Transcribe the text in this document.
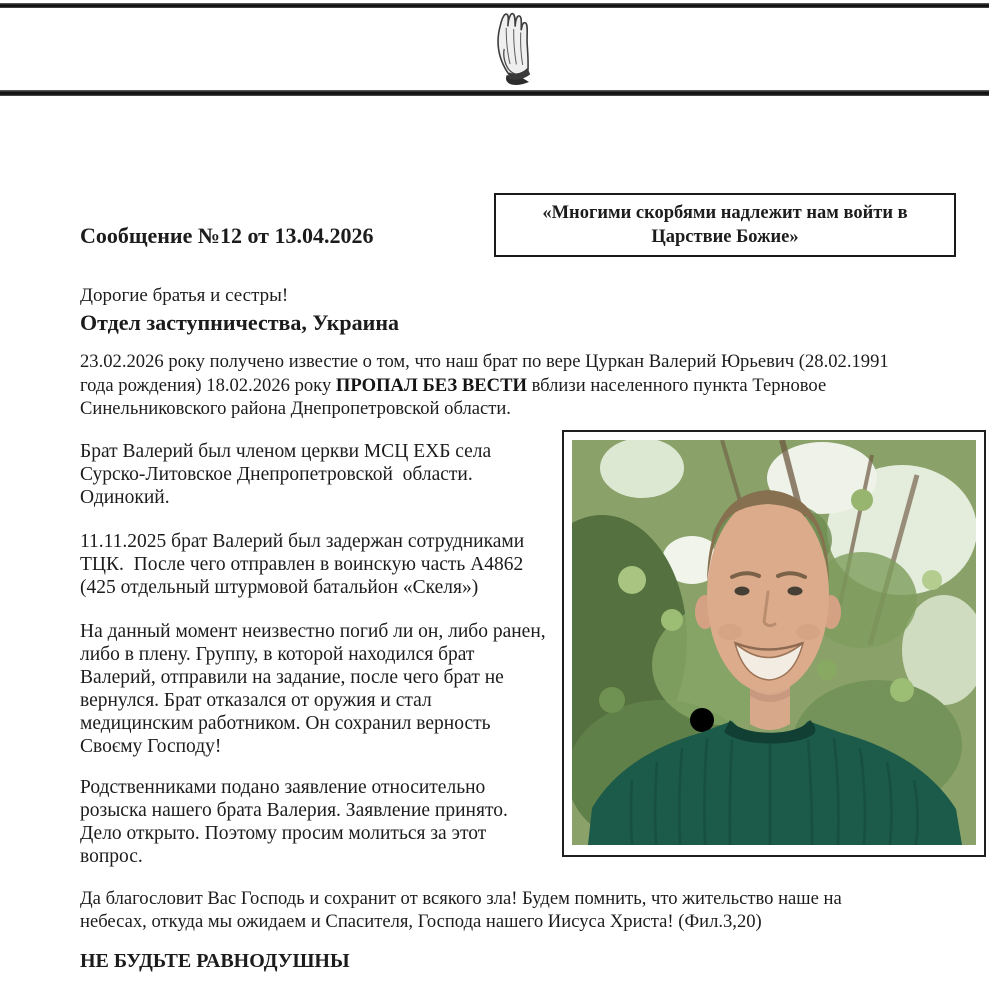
Сообщение №12 от 13.04.2026

Отдел заступничества, Украина

«Многими скорбями надлежит нам войти в
Царствие Божие»
Дорогие братья и сестры!
23.02.2026 року получено известие о том, что наш брат по вере Цуркан Валерий Юрьевич (28.02.1991
года рождения) 18.02.2026 року ПРОПАЛ БЕЗ ВЕСТИ вблизи населенного пункта Терновое
Синельниковского района Днепропетровской области.
Брат Валерий был членом церкви МСЦ ЕХБ села
Сурско-Литовское Днепропетровской  области.
Одинокий.
11.11.2025 брат Валерий был задержан сотрудниками
ТЦК.  После чего отправлен в воинскую часть А4862
(425 отдельный штурмовой батальйон «Скеля»)
На данный момент неизвестно погиб ли он, либо ранен,
либо в плену. Группу, в которой находился брат
Валерий, отправили на задание, после чего брат не
вернулся. Брат отказался от оружия и стал
медицинским работником. Он сохранил верность
Своєму Господу!
Родственниками подано заявление относительно
розыска нашего брата Валерия. Заявление принято.
Дело открыто. Поэтому просим молиться за этот
вопрос.
Да благословит Вас Господь и сохранит от всякого зла! Будем помнить, что жительство наше на
небесах, откуда мы ожидаем и Спасителя, Господа нашего Иисуса Христа! (Фил.3,20)
НЕ БУДЬТЕ РАВНОДУШНЫ
